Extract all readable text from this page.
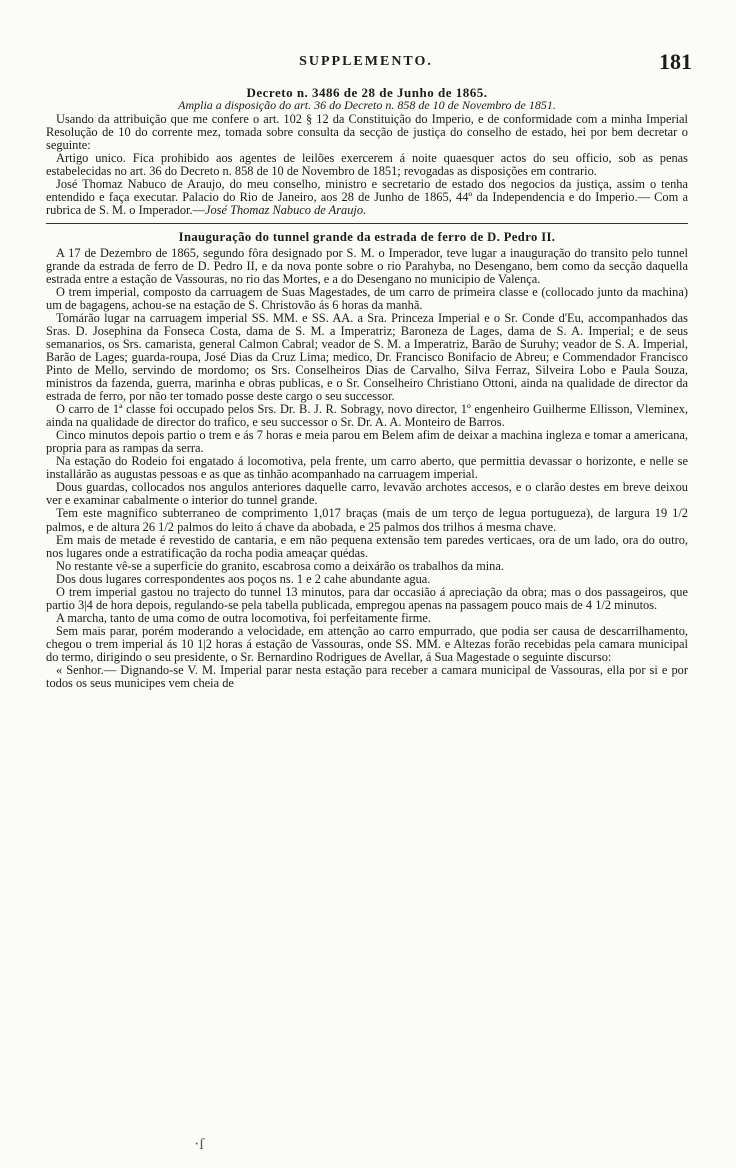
SUPPLEMENTO.	181

Decreto n. 3486 de 28 de Junho de 1865.

Amplia a disposição do art. 36 do Decreto n. 858 de 10 de Novembro de 1851.

Usando da attribuição que me confere o art. 102 § 12 da Constituição do Imperio, e de conformidade com a minha Imperial Resolução de 10 do corrente mez, tomada sobre consulta da secção de justiça do conselho de estado, hei por bem decretar o seguinte:

Artigo unico. Fica prohibido aos agentes de leilões exercerem á noite quaesquer actos do seu officio, sob as penas estabelecidas no art. 36 do Decreto n. 858 de 10 de Novembro de 1851; revogadas as disposições em contrario.

José Thomaz Nabuco de Araujo, do meu conselho, ministro e secretario de estado dos negocios da justiça, assim o tenha entendido e faça executar. Palacio do Rio de Janeiro, aos 28 de Junho de 1865, 44º da Independencia e do Imperio.— Com a rubrica de S. M. o Imperador.—José Thomaz Nabuco de Araujo.

Inauguração do tunnel grande da estrada de ferro de D. Pedro II.

A 17 de Dezembro de 1865, segundo fôra designado por S. M. o Imperador, teve lugar a inauguração do transito pelo tunnel grande da estrada de ferro de D. Pedro II, e da nova ponte sobre o rio Parahyba, no Desengano, bem como da secção daquella estrada entre a estação de Vassouras, no rio das Mortes, e a do Desengano no municipio de Valença.

O trem imperial, composto da carruagem de Suas Magestades, de um carro de primeira classe e (collocado junto da machina) um de bagagens, achou-se na estação de S. Christovão ás 6 horas da manhã.

Tomárão lugar na carruagem imperial SS. MM. e SS. AA. a Sra. Princeza Imperial e o Sr. Conde d'Eu, accompanhados das Sras. D. Josephina da Fonseca Costa, dama de S. M. a Imperatriz; Baroneza de Lages, dama de S. A. Imperial; e de seus semanarios, os Srs. camarista, general Calmon Cabral; veador de S. M. a Imperatriz, Barão de Suruhy; veador de S. A. Imperial, Barão de Lages; guarda-roupa, José Dias da Cruz Lima; medico, Dr. Francisco Bonifacio de Abreu; e Commendador Francisco Pinto de Mello, servindo de mordomo; os Srs. Conselheiros Dias de Carvalho, Silva Ferraz, Silveira Lobo e Paula Souza, ministros da fazenda, guerra, marinha e obras publicas, e o Sr. Conselheiro Christiano Ottoni, ainda na qualidade de director da estrada de ferro, por não ter tomado posse deste cargo o seu successor.

O carro de 1ª classe foi occupado pelos Srs. Dr. B. J. R. Sobragy, novo director, 1º engenheiro Guilherme Ellisson, Vleminex, ainda na qualidade de director do trafico, e seu successor o Sr. Dr. A. A. Monteiro de Barros.

Cinco minutos depois partio o trem e ás 7 horas e meia parou em Belem afim de deixar a machina ingleza e tomar a americana, propria para as rampas da serra.

Na estação do Rodeio foi engatado á locomotiva, pela frente, um carro aberto, que permittia devassar o horizonte, e nelle se installárão as augustas pessoas e as que as tinhão acompanhado na carruagem imperial.

Dous guardas, collocados nos angulos anteriores daquelle carro, levavão archotes accesos, e o clarão destes em breve deixou ver e examinar cabalmente o interior do tunnel grande.

Tem este magnifico subterraneo de comprimento 1,017 braças (mais de um terço de legua portugueza), de largura 19 1/2 palmos, e de altura 26 1/2 palmos do leito á chave da abobada, e 25 palmos dos trilhos á mesma chave.

Em mais de metade é revestido de cantaria, e em não pequena extensão tem paredes verticaes, ora de um lado, ora do outro, nos lugares onde a estratificação da rocha podia ameaçar quédas.

No restante vê-se a superficie do granito, escabrosa como a deixárão os trabalhos da mina.

Dos dous lugares correspondentes aos poços ns. 1 e 2 cahe abundante agua.

O trem imperial gastou no trajecto do tunnel 13 minutos, para dar occasião á apreciação da obra; mas o dos passageiros, que partio 3|4 de hora depois, regulando-se pela tabella publicada, empregou apenas na passagem pouco mais de 4 1/2 minutos.

A marcha, tanto de uma como de outra locomotiva, foi perfeitamente firme.

Sem mais parar, porém moderando a velocidade, em attenção ao carro empurrado, que podia ser causa de descarrilhamento, chegou o trem imperial ás 10 1|2 horas á estação de Vassouras, onde SS. MM. e Altezas forão recebidas pela camara municipal do termo, dirigindo o seu presidente, o Sr. Bernardino Rodrigues de Avellar, á Sua Magestade o seguinte discurso:

« Senhor.— Dignando-se V. M. Imperial parar nesta estação para receber a camara municipal de Vassouras, ella por si e por todos os seus municipes vem cheia de

·ſ
